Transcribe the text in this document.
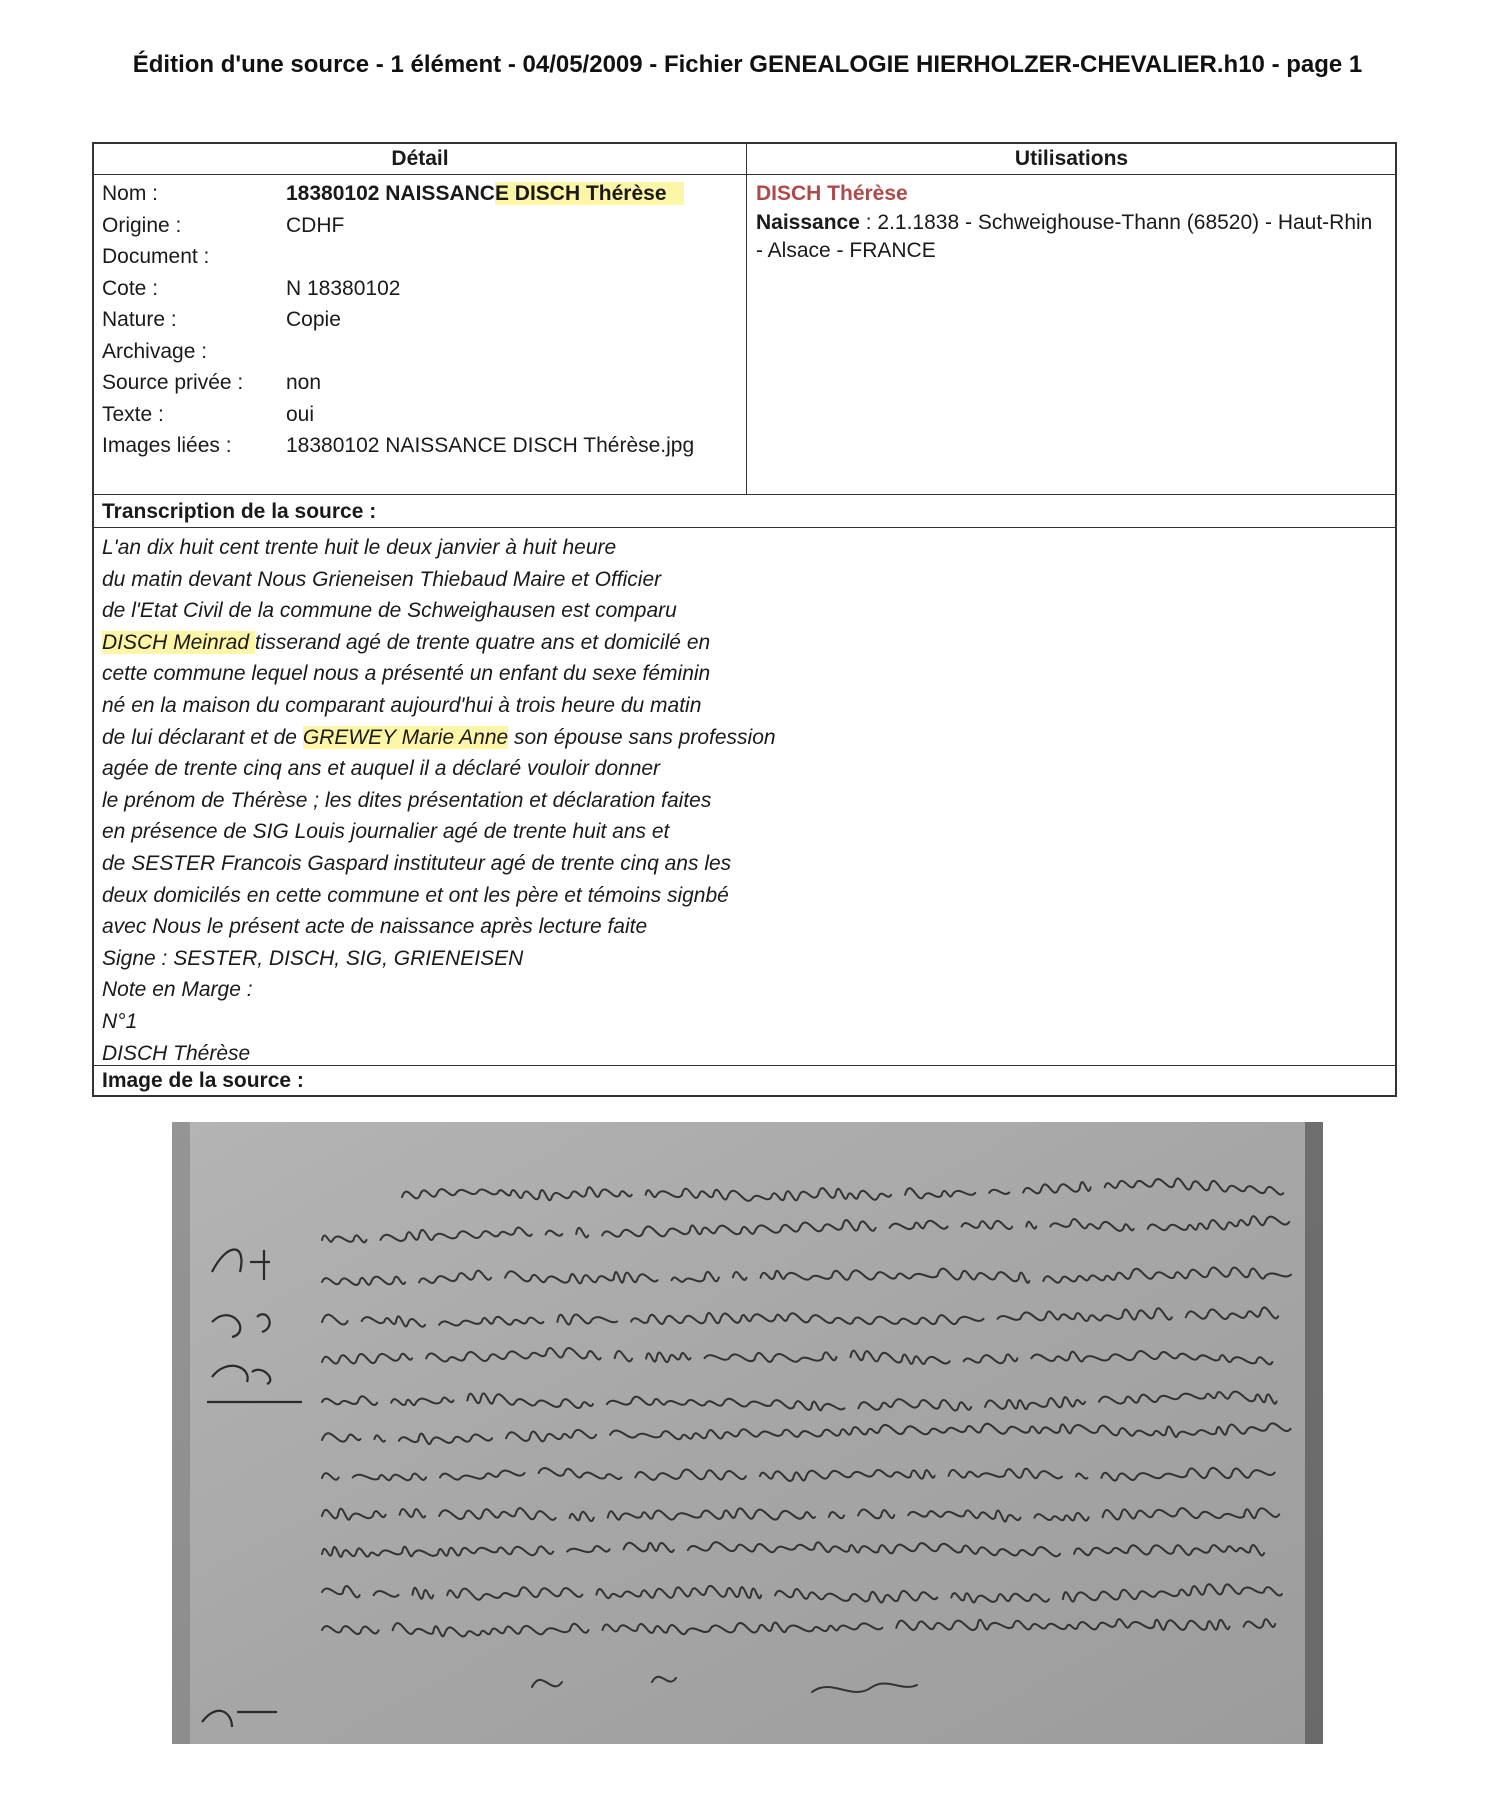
Édition d'une source - 1 élément - 04/05/2009 - Fichier GENEALOGIE HIERHOLZER-CHEVALIER.h10 - page 1
Détail	Utilisations
Nom :	18380102 NAISSANCE DISCH Thérèse
Origine :	CDHF
Document :
Cote :	N 18380102
Nature :	Copie
Archivage :
Source privée :	non
Texte :	oui
Images liées :	18380102 NAISSANCE DISCH Thérèse.jpg
DISCH Thérèse
Naissance : 2.1.1838 - Schweighouse-Thann (68520) - Haut-Rhin - Alsace - FRANCE
Transcription de la source :
L'an dix huit cent trente huit le deux janvier à huit heure
du matin devant Nous Grieneisen Thiebaud Maire et Officier
de l'Etat Civil de la commune de Schweighausen est comparu
DISCH Meinrad tisserand agé de trente quatre ans et domicilé en
cette commune lequel nous a présenté un enfant du sexe féminin
né en la maison du comparant aujourd'hui à trois heure du matin
de lui déclarant et de GREWEY Marie Anne son épouse sans profession
agée de trente cinq ans et auquel il a déclaré vouloir donner
le prénom de Thérèse ; les dites présentation et déclaration faites
en présence de SIG Louis journalier agé de trente huit ans et
de SESTER Francois Gaspard instituteur agé de trente cinq ans les
deux domicilés en cette commune et ont les père et témoins signbé
avec Nous le présent acte de naissance après lecture faite
Signe : SESTER, DISCH, SIG, GRIENEISEN
Note en Marge :
N°1
DISCH Thérèse
Image de la source :
